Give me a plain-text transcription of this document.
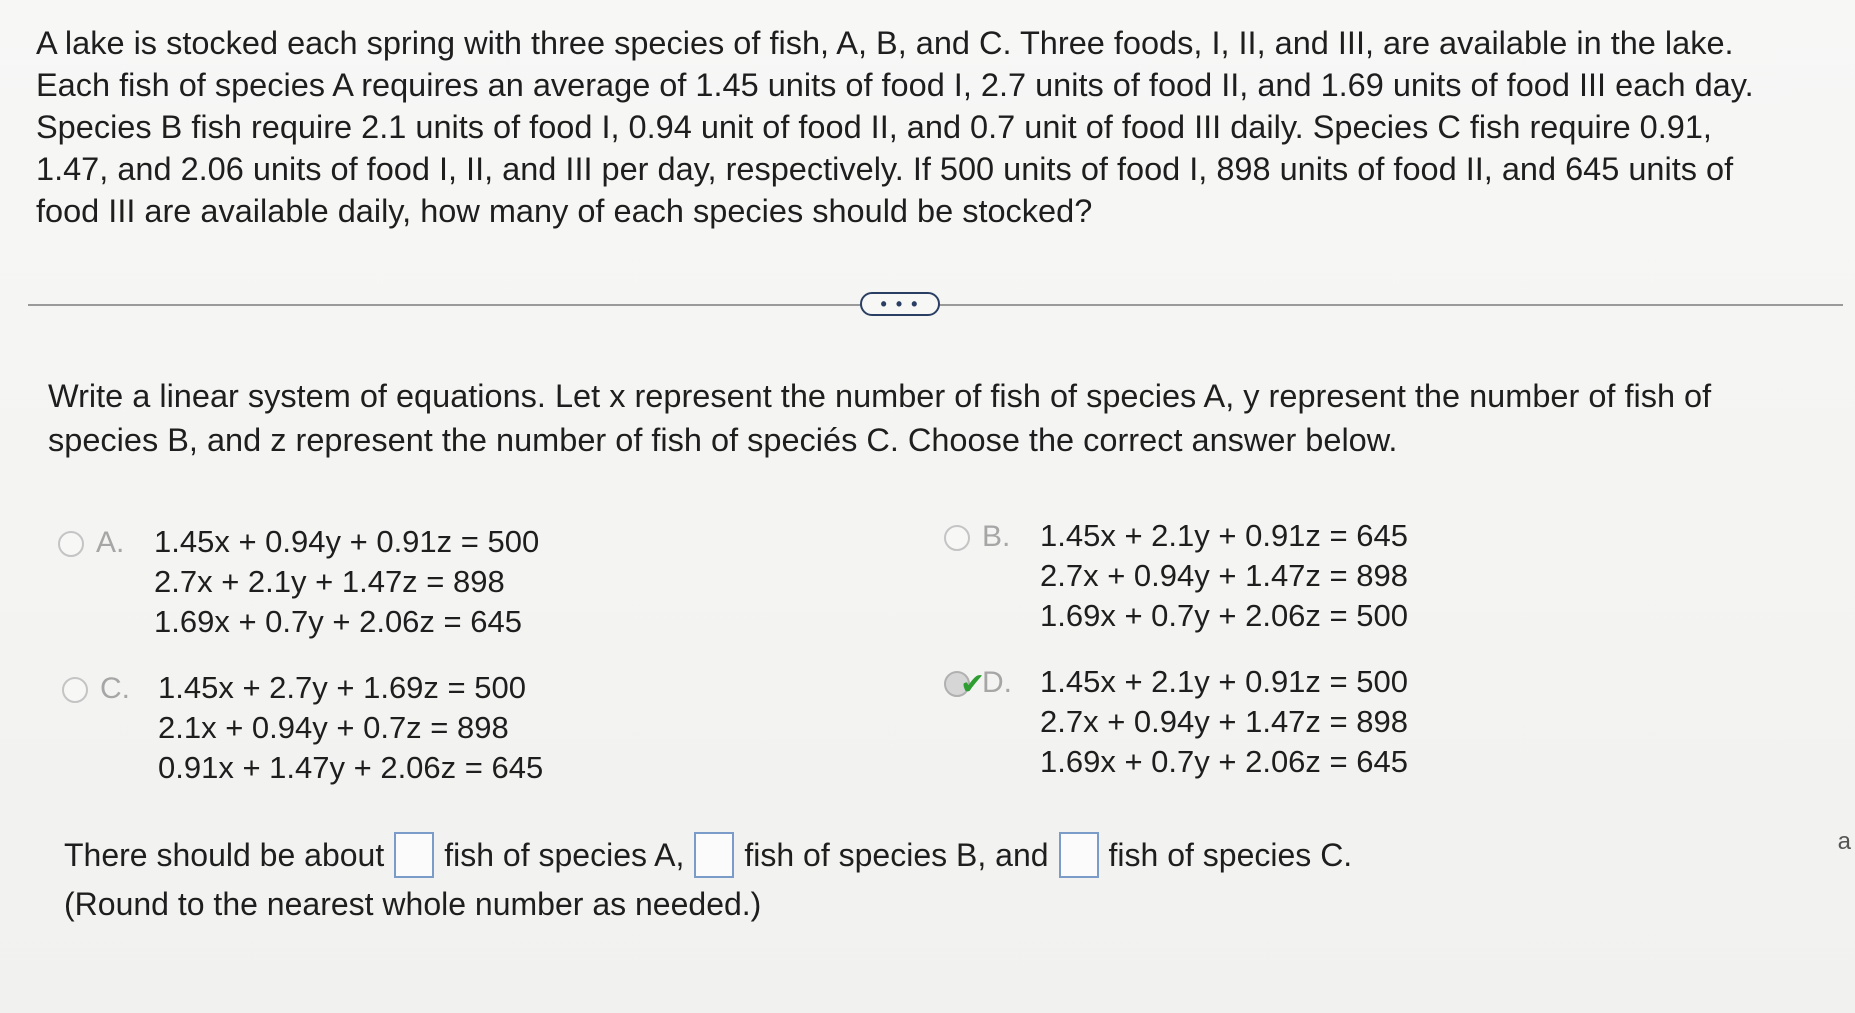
A lake is stocked each spring with three species of fish, A, B, and C. Three foods, I, II, and III, are available in the lake.

Each fish of species A requires an average of 1.45 units of food I, 2.7 units of food II, and 1.69 units of food III each day.

Species B fish require 2.1 units of food I, 0.94 unit of food II, and 0.7 unit of food III daily. Species C fish require 0.91,

1.47, and 2.06 units of food I, II, and III per day, respectively. If 500 units of food I, 898 units of food II, and 645 units of

food III are available daily, how many of each species should be stocked?

• • •

Write a linear system of equations. Let x represent the number of fish of species A, y represent the number of fish of

species B, and z represent the number of fish of speciés C. Choose the correct answer below.

A. 1.45x + 0.94y + 0.91z = 500
2.7x + 2.1y + 1.47z = 898
1.69x + 0.7y + 2.06z = 645
B. 1.45x + 2.1y + 0.91z = 645
2.7x + 0.94y + 1.47z = 898
1.69x + 0.7y + 2.06z = 500
C. 1.45x + 2.7y + 1.69z = 500
2.1x + 0.94y + 0.7z = 898
0.91x + 1.47y + 2.06z = 645
✔
D. 1.45x + 2.1y + 0.91z = 500
2.7x + 0.94y + 1.47z = 898
1.69x + 0.7y + 2.06z = 645
There should be about fish of species A, fish of species B, and fish of species C.
(Round to the nearest whole number as needed.)
a
